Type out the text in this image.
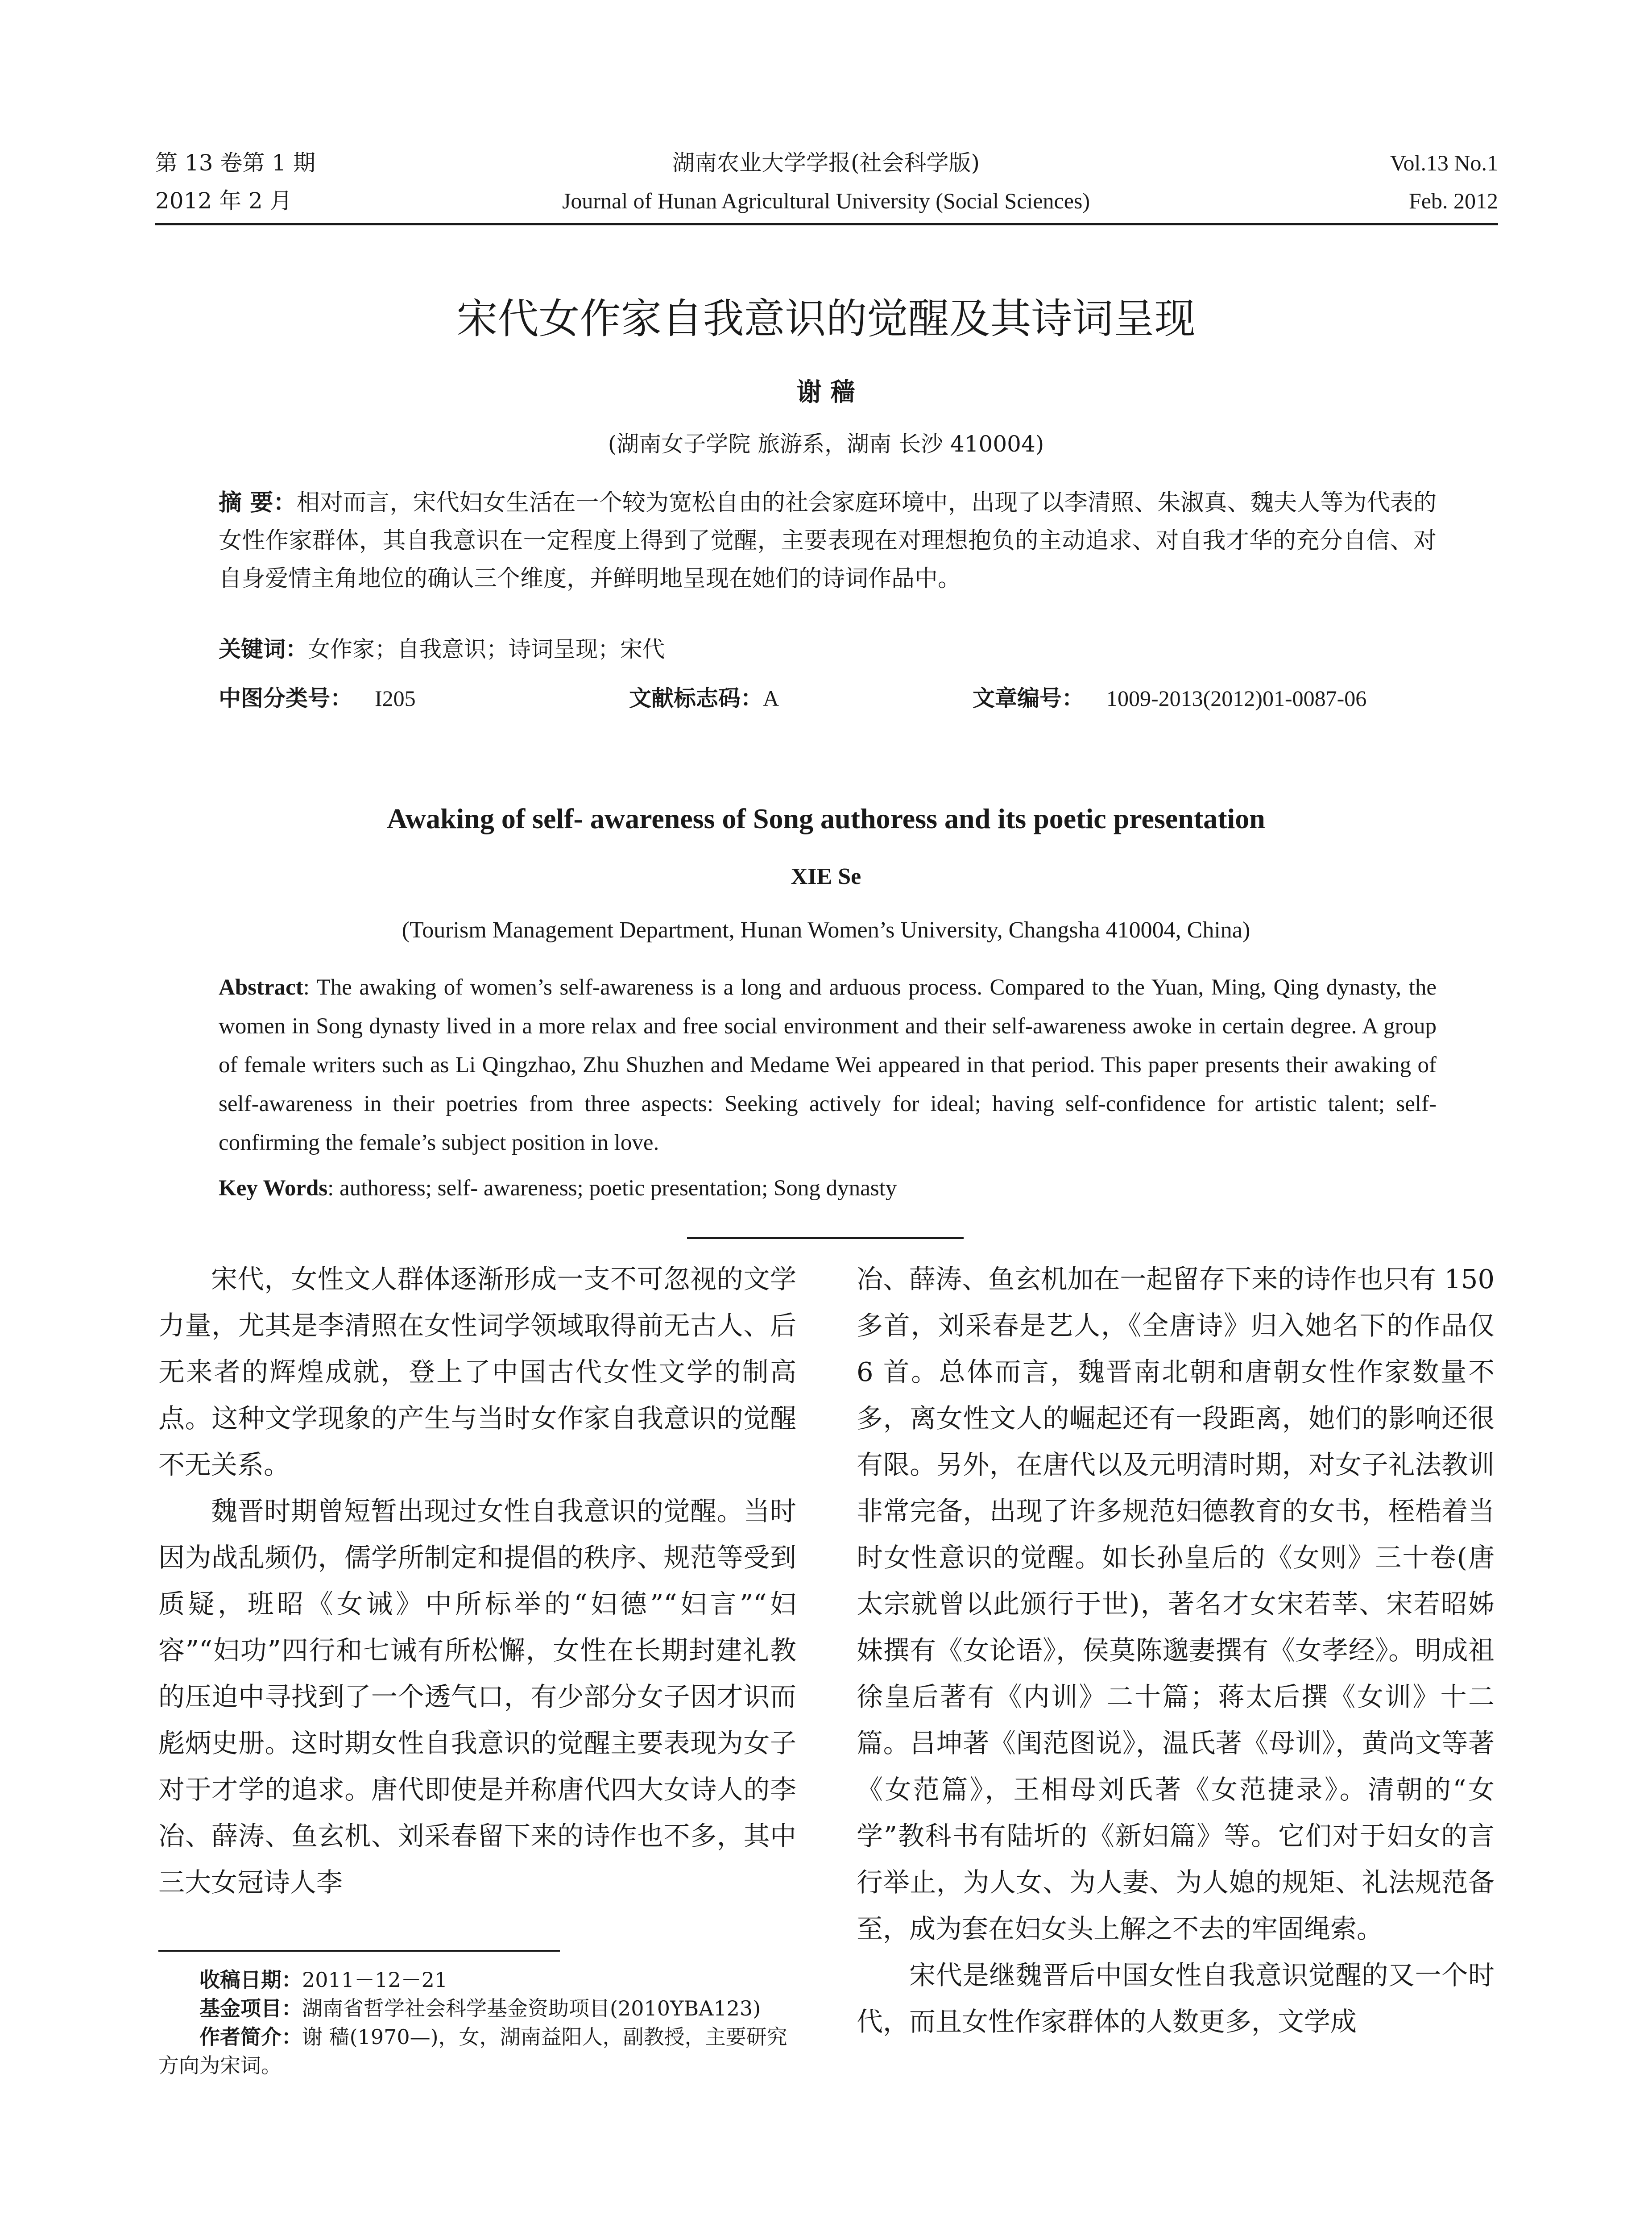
第 13 卷第 1 期
2012 年 2 月
湖南农业大学学报(社会科学版)
Journal of Hunan Agricultural University (Social Sciences)
Vol.13 No.1
Feb. 2012
宋代女作家自我意识的觉醒及其诗词呈现
谢 穑
(湖南女子学院 旅游系，湖南 长沙 410004)
摘 要：相对而言，宋代妇女生活在一个较为宽松自由的社会家庭环境中，出现了以李清照、朱淑真、魏夫人等为代表的女性作家群体，其自我意识在一定程度上得到了觉醒，主要表现在对理想抱负的主动追求、对自我才华的充分自信、对自身爱情主角地位的确认三个维度，并鲜明地呈现在她们的诗词作品中。
关键词：女作家；自我意识；诗词呈现；宋代
中图分类号： I205	文献标志码：A	文章编号： 1009-2013(2012)01-0087-06
Awaking of self- awareness of Song authoress and its poetic presentation
XIE Se
(Tourism Management Department, Hunan Women’s University, Changsha 410004, China)
Abstract: The awaking of women’s self-awareness is a long and arduous process. Compared to the Yuan, Ming, Qing dynasty, the women in Song dynasty lived in a more relax and free social environment and their self-awareness awoke in certain degree. A group of female writers such as Li Qingzhao, Zhu Shuzhen and Medame Wei appeared in that period. This paper presents their awaking of self-awareness in their poetries from three aspects: Seeking actively for ideal; having self-confidence for artistic talent; self-confirming the female’s subject position in love.
Key Words: authoress; self- awareness; poetic presentation; Song dynasty

宋代，女性文人群体逐渐形成一支不可忽视的文学力量，尤其是李清照在女性词学领域取得前无古人、后无来者的辉煌成就，登上了中国古代女性文学的制高点。这种文学现象的产生与当时女作家自我意识的觉醒不无关系。

魏晋时期曾短暂出现过女性自我意识的觉醒。当时因为战乱频仍，儒学所制定和提倡的秩序、规范等受到质疑，班昭《女诫》中所标举的“妇德”“妇言”“妇容”“妇功”四行和七诫有所松懈，女性在长期封建礼教的压迫中寻找到了一个透气口，有少部分女子因才识而彪炳史册。这时期女性自我意识的觉醒主要表现为女子对于才学的追求。唐代即使是并称唐代四大女诗人的李冶、薛涛、鱼玄机、刘采春留下来的诗作也不多，其中三大女冠诗人李

冶、薛涛、鱼玄机加在一起留存下来的诗作也只有 150 多首，刘采春是艺人，《全唐诗》归入她名下的作品仅 6 首。总体而言，魏晋南北朝和唐朝女性作家数量不多，离女性文人的崛起还有一段距离，她们的影响还很有限。另外，在唐代以及元明清时期，对女子礼法教训非常完备，出现了许多规范妇德教育的女书，桎梏着当时女性意识的觉醒。如长孙皇后的《女则》三十卷(唐太宗就曾以此颁行于世)，著名才女宋若莘、宋若昭姊妹撰有《女论语》，侯莫陈邈妻撰有《女孝经》。明成祖徐皇后著有《内训》二十篇；蒋太后撰《女训》十二篇。吕坤著《闺范图说》，温氏著《母训》，黄尚文等著《女范篇》，王相母刘氏著《女范捷录》。清朝的“女学”教科书有陆圻的《新妇篇》等。它们对于妇女的言行举止，为人女、为人妻、为人媳的规矩、礼法规范备至，成为套在妇女头上解之不去的牢固绳索。

宋代是继魏晋后中国女性自我意识觉醒的又一个时代，而且女性作家群体的人数更多，文学成

收稿日期：2011－12－21

基金项目：湖南省哲学社会科学基金资助项目(2010YBA123)

作者简介：谢 穑(1970—)，女，湖南益阳人，副教授，主要研究方向为宋词。
